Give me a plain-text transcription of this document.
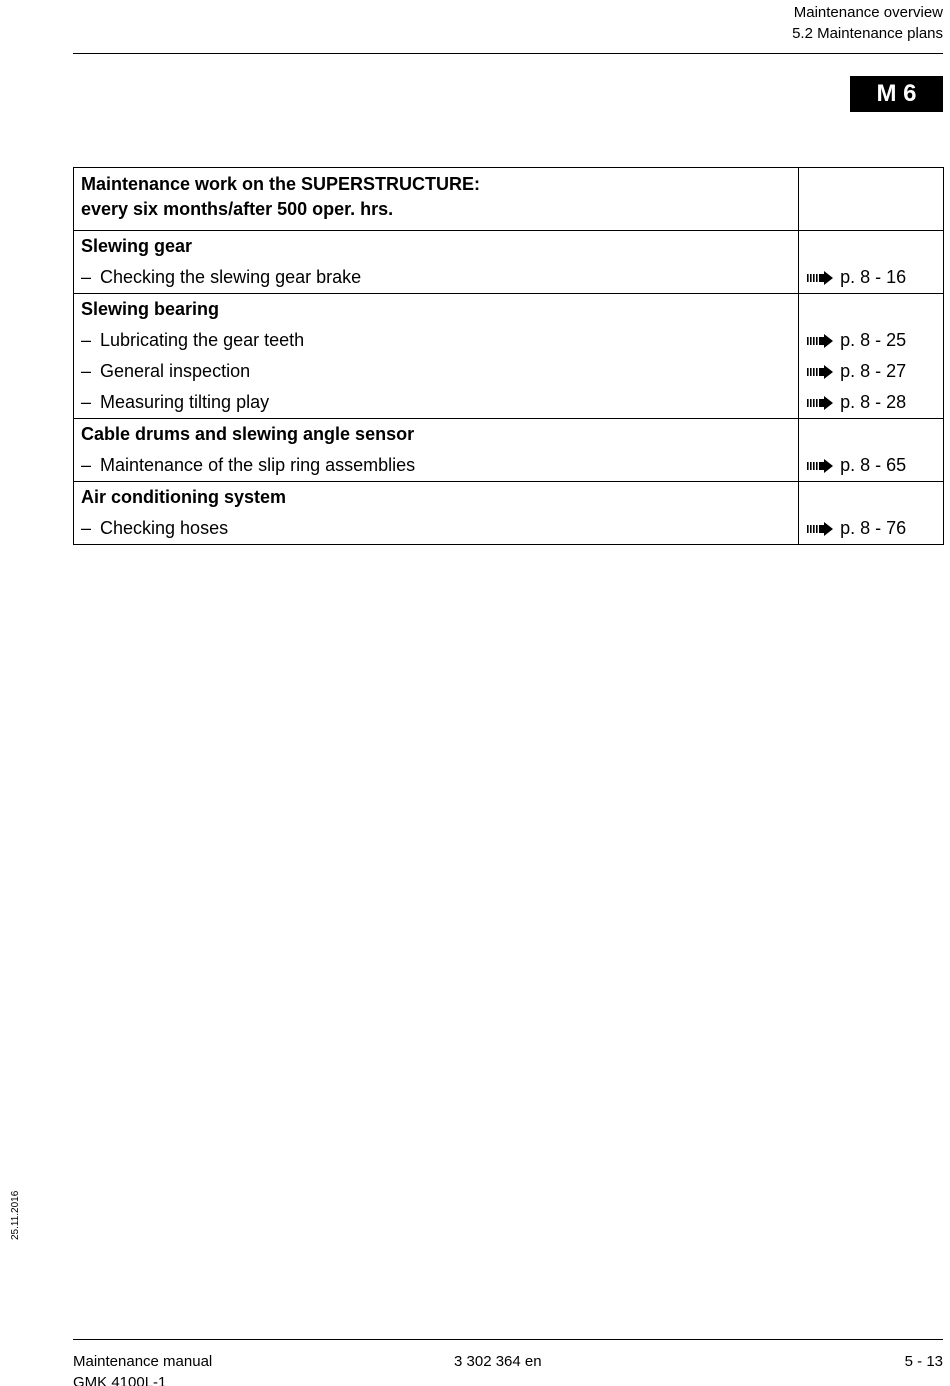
Maintenance overview
5.2 Maintenance plans
M 6
Maintenance work on the SUPERSTRUCTURE:
every six months/after 500 oper. hrs.	

Slewing gear	

– Checking the slewing gear brake	p. 8 - 16

Slewing bearing	

– Lubricating the gear teeth	p. 8 - 25

– General inspection	p. 8 - 27

– Measuring tilting play	p. 8 - 28

Cable drums and slewing angle sensor	

– Maintenance of the slip ring assemblies	p. 8 - 65

Air conditioning system	

– Checking hoses	p. 8 - 76
25.11.2016
Maintenance manual
GMK 4100L-1
3 302 364 en	5 - 13
